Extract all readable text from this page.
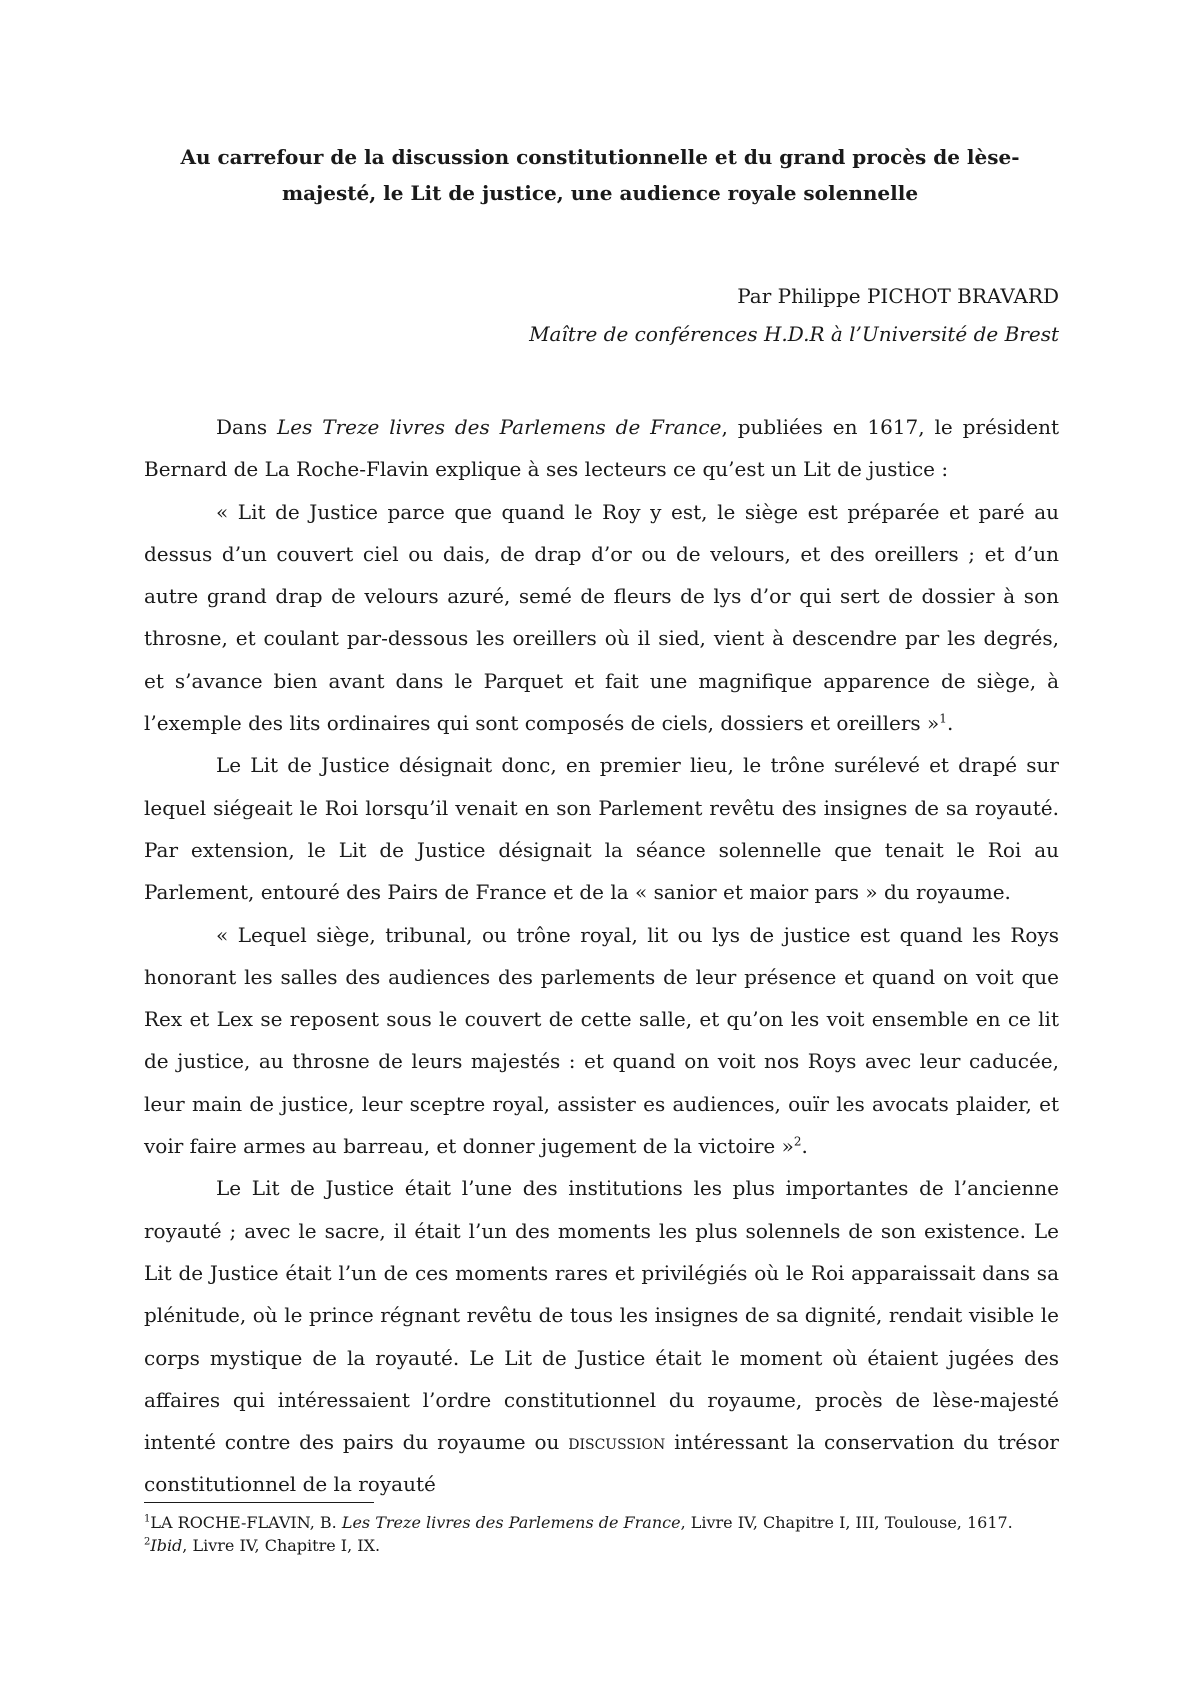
Au carrefour de la discussion constitutionnelle et du grand procès de lèse-majesté, le Lit de justice, une audience royale solennelle
Par Philippe PICHOT BRAVARD
Maître de conférences H.D.R à l’Université de Brest

Dans Les Treze livres des Parlemens de France, publiées en 1617, le président Bernard de La Roche-Flavin explique à ses lecteurs ce qu’est un Lit de justice :

« Lit de Justice parce que quand le Roy y est, le siège est préparée et paré au dessus d’un couvert ciel ou dais, de drap d’or ou de velours, et des oreillers ; et d’un autre grand drap de velours azuré, semé de fleurs de lys d’or qui sert de dossier à son throsne, et coulant par-dessous les oreillers où il sied, vient à descendre par les degrés, et s’avance bien avant dans le Parquet et fait une magnifique apparence de siège, à l’exemple des lits ordinaires qui sont composés de ciels, dossiers et oreillers »$^1$.

Le Lit de Justice désignait donc, en premier lieu, le trône surélevé et drapé sur lequel siégeait le Roi lorsqu’il venait en son Parlement revêtu des insignes de sa royauté. Par extension, le Lit de Justice désignait la séance solennelle que tenait le Roi au Parlement, entouré des Pairs de France et de la « sanior et maior pars » du royaume.

« Lequel siège, tribunal, ou trône royal, lit ou lys de justice est quand les Roys honorant les salles des audiences des parlements de leur présence et quand on voit que Rex et Lex se reposent sous le couvert de cette salle, et qu’on les voit ensemble en ce lit de justice, au throsne de leurs majestés : et quand on voit nos Roys avec leur caducée, leur main de justice, leur sceptre royal, assister es audiences, ouïr les avocats plaider, et voir faire armes au barreau, et donner jugement de la victoire »$^2$.

Le Lit de Justice était l’une des institutions les plus importantes de l’ancienne royauté ; avec le sacre, il était l’un des moments les plus solennels de son existence. Le Lit de Justice était l’un de ces moments rares et privilégiés où le Roi apparaissait dans sa plénitude, où le prince régnant revêtu de tous les insignes de sa dignité, rendait visible le corps mystique de la royauté. Le Lit de Justice était le moment où étaient jugées des affaires qui intéressaient l’ordre constitutionnel du royaume, procès de lèse-majesté intenté contre des pairs du royaume ou discussion intéressant la conservation du trésor constitutionnel de la royauté

$^1$LA ROCHE-FLAVIN, B. Les Treze livres des Parlemens de France, Livre IV, Chapitre I, III, Toulouse, 1617.

$^2$Ibid, Livre IV, Chapitre I, IX.
